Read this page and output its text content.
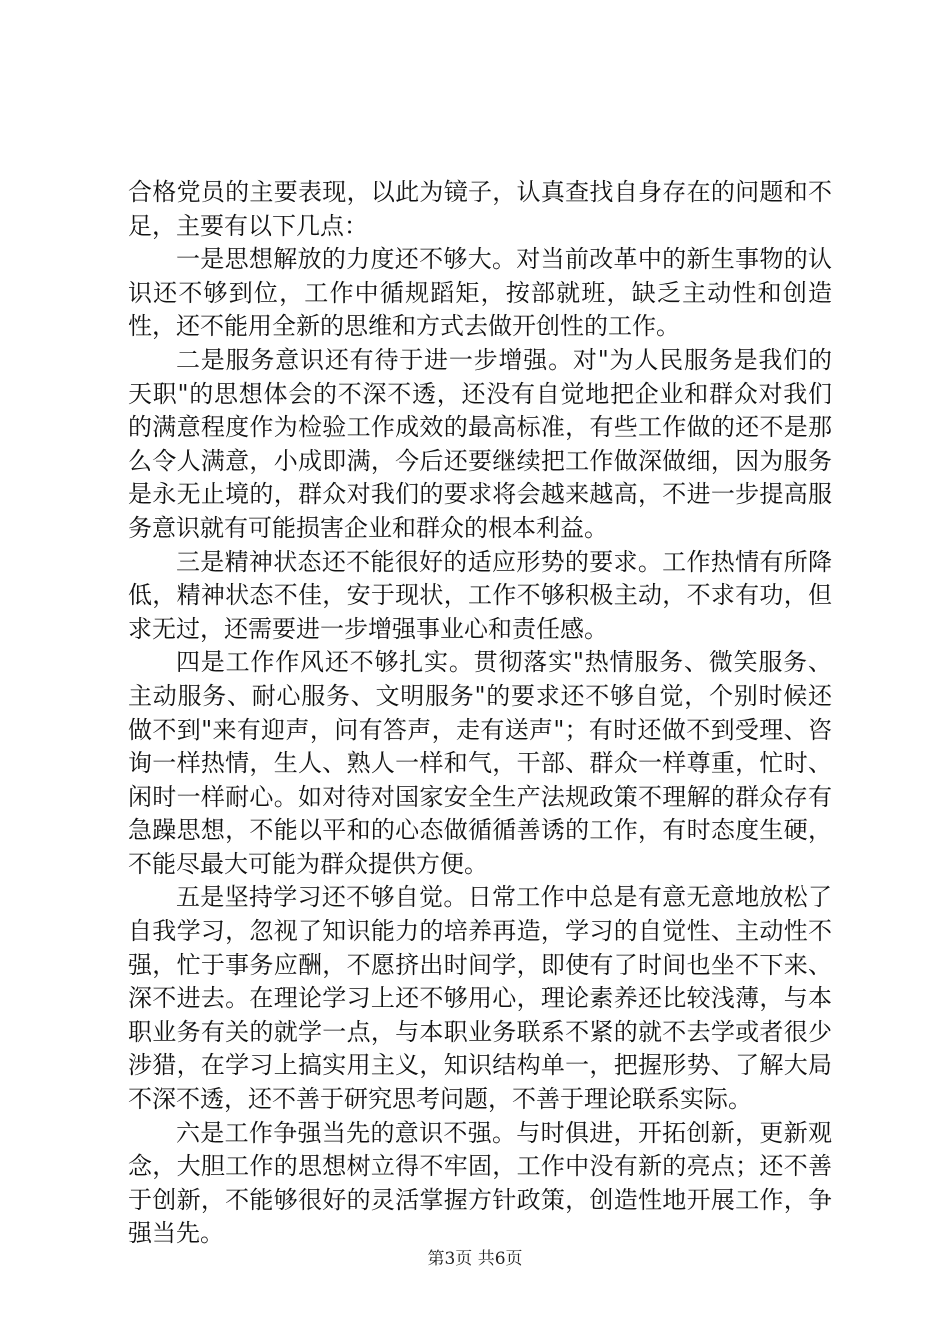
合格党员的主要表现，以此为镜子，认真查找自身存在的问题和不足，主要有以下几点：

一是思想解放的力度还不够大。对当前改革中的新生事物的认识还不够到位，工作中循规蹈矩，按部就班，缺乏主动性和创造性，还不能用全新的思维和方式去做开创性的工作。

二是服务意识还有待于进一步增强。对"为人民服务是我们的天职"的思想体会的不深不透，还没有自觉地把企业和群众对我们的满意程度作为检验工作成效的最高标准，有些工作做的还不是那么令人满意，小成即满，今后还要继续把工作做深做细，因为服务是永无止境的，群众对我们的要求将会越来越高，不进一步提高服务意识就有可能损害企业和群众的根本利益。

三是精神状态还不能很好的适应形势的要求。工作热情有所降低，精神状态不佳，安于现状，工作不够积极主动，不求有功，但求无过，还需要进一步增强事业心和责任感。

四是工作作风还不够扎实。贯彻落实"热情服务、微笑服务、主动服务、耐心服务、文明服务"的要求还不够自觉，个别时候还做不到"来有迎声，问有答声，走有送声"；有时还做不到受理、咨询一样热情，生人、熟人一样和气，干部、群众一样尊重，忙时、闲时一样耐心。如对待对国家安全生产法规政策不理解的群众存有急躁思想，不能以平和的心态做循循善诱的工作，有时态度生硬，不能尽最大可能为群众提供方便。

五是坚持学习还不够自觉。日常工作中总是有意无意地放松了自我学习，忽视了知识能力的培养再造，学习的自觉性、主动性不强，忙于事务应酬，不愿挤出时间学，即使有了时间也坐不下来、深不进去。在理论学习上还不够用心，理论素养还比较浅薄，与本职业务有关的就学一点，与本职业务联系不紧的就不去学或者很少涉猎，在学习上搞实用主义，知识结构单一，把握形势、了解大局不深不透，还不善于研究思考问题，不善于理论联系实际。

六是工作争强当先的意识不强。与时俱进，开拓创新，更新观念，大胆工作的思想树立得不牢固，工作中没有新的亮点；还不善于创新，不能够很好的灵活掌握方针政策，创造性地开展工作，争强当先。

第3页 共6页
